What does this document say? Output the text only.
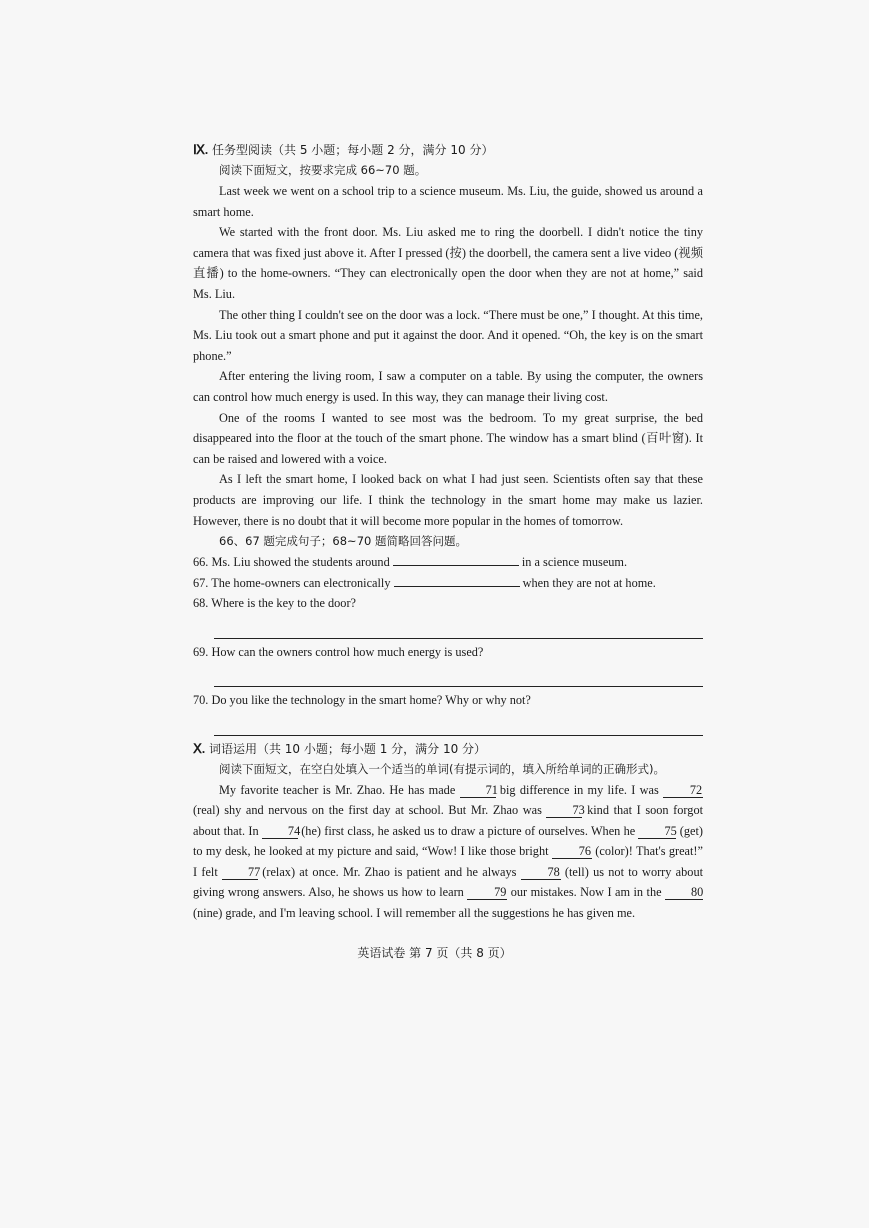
Ⅸ. 任务型阅读（共 5 小题；每小题 2 分，满分 10 分）
阅读下面短文，按要求完成 66~70 题。

Last week we went on a school trip to a science museum. Ms. Liu, the guide, showed us around a smart home.

We started with the front door. Ms. Liu asked me to ring the doorbell. I didn't notice the tiny camera that was fixed just above it. After I pressed (按) the doorbell, the camera sent a live video (视频直播) to the home-owners. “They can electronically open the door when they are not at home,” said Ms. Liu.

The other thing I couldn't see on the door was a lock. “There must be one,” I thought. At this time, Ms. Liu took out a smart phone and put it against the door. And it opened. “Oh, the key is on the smart phone.”

After entering the living room, I saw a computer on a table. By using the computer, the owners can control how much energy is used. In this way, they can manage their living cost.

One of the rooms I wanted to see most was the bedroom. To my great surprise, the bed disappeared into the floor at the touch of the smart phone. The window has a smart blind (百叶窗). It can be raised and lowered with a voice.

As I left the smart home, I looked back on what I had just seen. Scientists often say that these products are improving our life. I think the technology in the smart home may make us lazier. However, there is no doubt that it will become more popular in the homes of tomorrow.

66、67 题完成句子；68~70 题简略回答问题。
66. Ms. Liu showed the students around	in a science museum.
67. The home-owners can electronically	when they are not at home.
68. Where is the key to the door?
69. How can the owners control how much energy is used?
70. Do you like the technology in the smart home? Why or why not?
Ⅹ. 词语运用（共 10 小题；每小题 1 分，满分 10 分）
阅读下面短文，在空白处填入一个适当的单词(有提示词的，填入所给单词的正确形式)。

My favorite teacher is Mr. Zhao. He has made 71 big difference in my life. I was	72 (real) shy and nervous on the first day at school. But Mr. Zhao was 73 kind that I soon forgot about that. In 74 (he) first class, he asked us to draw a picture of ourselves. When he 75 (get) to my desk, he looked at my picture and said, “Wow! I like those bright 76 (color)! That's great!” I felt 77 (relax) at once. Mr. Zhao is patient and he always	78 (tell) us not to worry about giving wrong answers. Also, he shows us how to learn 79 our mistakes. Now I am in the 80 (nine) grade, and I'm leaving school. I will remember all the suggestions he has given me.

英语试卷 第 7 页（共 8 页）
